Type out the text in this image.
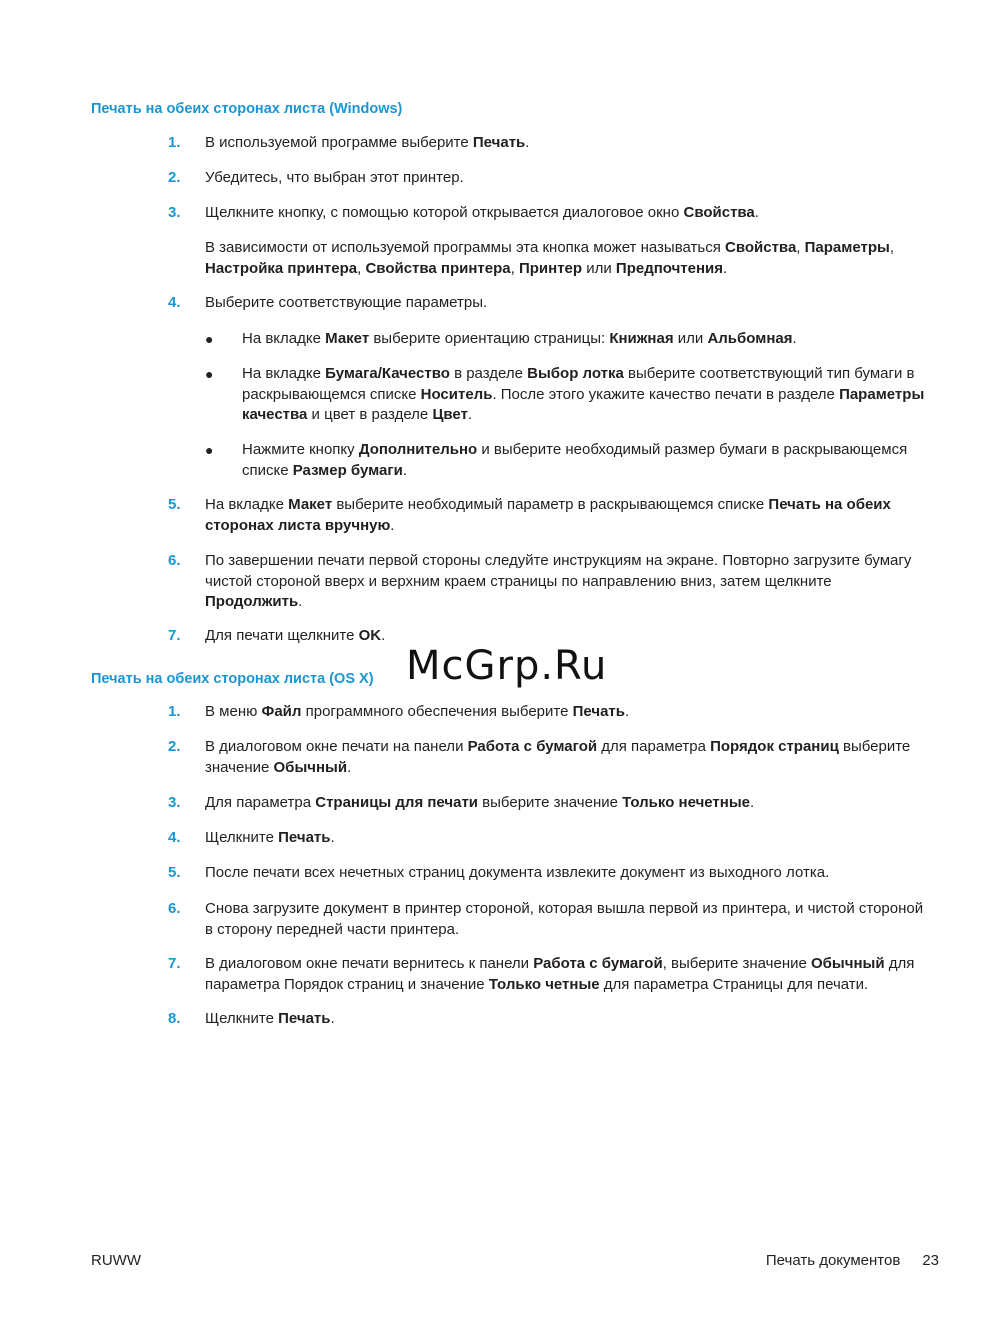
Печать на обеих сторонах листа (Windows)
1. В используемой программе выберите Печать.
2. Убедитесь, что выбран этот принтер.
3. Щелкните кнопку, с помощью которой открывается диалоговое окно Свойства.
В зависимости от используемой программы эта кнопка может называться Свойства, Параметры, Настройка принтера, Свойства принтера, Принтер или Предпочтения.
4. Выберите соответствующие параметры.
● На вкладке Макет выберите ориентацию страницы: Книжная или Альбомная.
● На вкладке Бумага/Качество в разделе Выбор лотка выберите соответствующий тип бумаги в раскрывающемся списке Носитель. После этого укажите качество печати в разделе Параметры качества и цвет в разделе Цвет.
● Нажмите кнопку Дополнительно и выберите необходимый размер бумаги в раскрывающемся списке Размер бумаги.
5. На вкладке Макет выберите необходимый параметр в раскрывающемся списке Печать на обеих сторонах листа вручную.
6. По завершении печати первой стороны следуйте инструкциям на экране. Повторно загрузите бумагу чистой стороной вверх и верхним краем страницы по направлению вниз, затем щелкните Продолжить.
7. Для печати щелкните OK.
McGrp.Ru
Печать на обеих сторонах листа (OS X)
1. В меню Файл программного обеспечения выберите Печать.
2. В диалоговом окне печати на панели Работа с бумагой для параметра Порядок страниц выберите значение Обычный.
3. Для параметра Страницы для печати выберите значение Только нечетные.
4. Щелкните Печать.
5. После печати всех нечетных страниц документа извлеките документ из выходного лотка.
6. Снова загрузите документ в принтер стороной, которая вышла первой из принтера, и чистой стороной в сторону передней части принтера.
7. В диалоговом окне печати вернитесь к панели Работа с бумагой, выберите значение Обычный для параметра Порядок страниц и значение Только четные для параметра Страницы для печати.
8. Щелкните Печать.
RUWW	Печать документов 23
